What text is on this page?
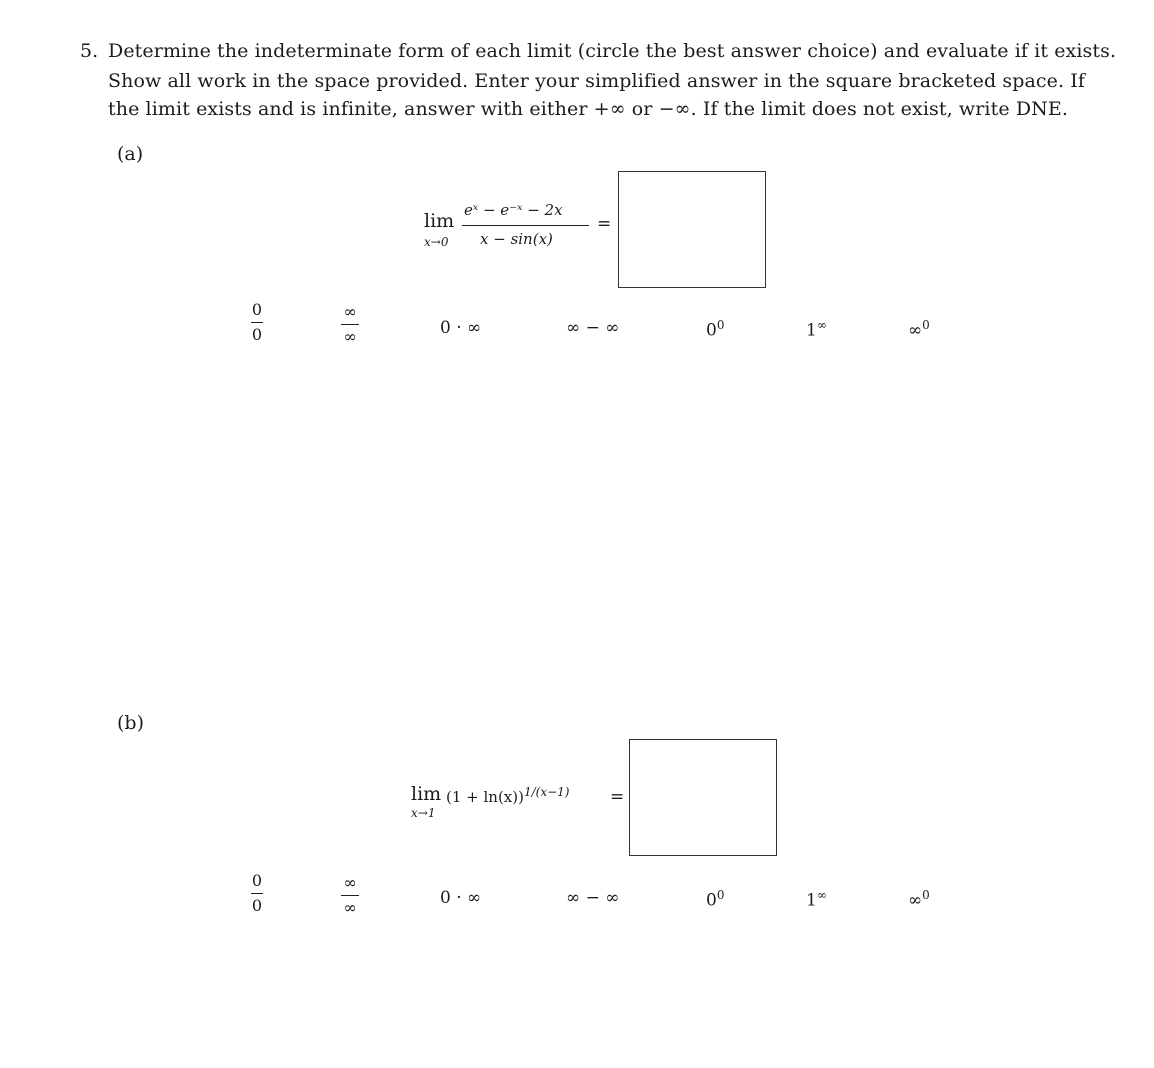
5. Determine the indeterminate form of each limit (circle the best answer choice) and evaluate if it exists.
Show all work in the space provided. Enter your simplified answer in the square bracketed space. If
the limit exists and is infinite, answer with either +∞ or −∞. If the limit does not exist, write DNE.
(a)
lim
x→0
eˣ − e⁻ˣ − 2x
x − sin(x)
=
0
0
∞
∞	0 · ∞	∞ − ∞	$0^0$	1∞	∞$^0$
(b)
lim
x→1
$(1 + \ln(x))^{1/(x-1)}$ =
0
0
∞
∞	0 · ∞	∞ − ∞	$0^0$	1∞	∞$^0$
